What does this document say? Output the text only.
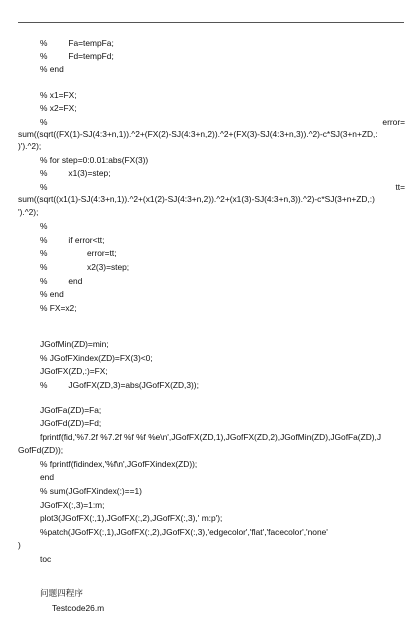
%         Fa=tempFa;
%         Fd=tempFd;
% end
% x1=FX;
% x2=FX;
%	error=
sum((sqrt((FX(1)-SJ(4:3+n,1)).^2+(FX(2)-SJ(4:3+n,2)).^2+(FX(3)-SJ(4:3+n,3)).^2)-c*SJ(3+n+ZD,:
)').^2);
% for step=0:0.01:abs(FX(3))
%         x1(3)=step;
%	tt=
sum((sqrt((x1(1)-SJ(4:3+n,1)).^2+(x1(2)-SJ(4:3+n,2)).^2+(x1(3)-SJ(4:3+n,3)).^2)-c*SJ(3+n+ZD,:)
').^2);
%
%         if error<tt;
%                 error=tt;
%                 x2(3)=step;
%         end
% end
% FX=x2;
JGofMin(ZD)=min;
% JGofFXindex(ZD)=FX(3)<0;
JGofFX(ZD,:)=FX;
%         JGofFX(ZD,3)=abs(JGofFX(ZD,3));
JGofFa(ZD)=Fa;
JGofFd(ZD)=Fd;
fprintf(fid,'%7.2f %7.2f %f %f %e\n',JGofFX(ZD,1),JGofFX(ZD,2),JGofMin(ZD),JGofFa(ZD),J
GofFd(ZD));
% fprintf(fidindex,'%f\n',JGofFXindex(ZD));
end
% sum(JGofFXindex(:)==1)
JGofFX(:,3)=1:m;
plot3(JGofFX(:,1),JGofFX(:,2),JGofFX(:,3),' m:p');
%patch(JGofFX(:,1),JGofFX(:,2),JGofFX(:,3),'edgecolor','flat','facecolor','none'
)
toc
问题四程序
Testcode26.m
